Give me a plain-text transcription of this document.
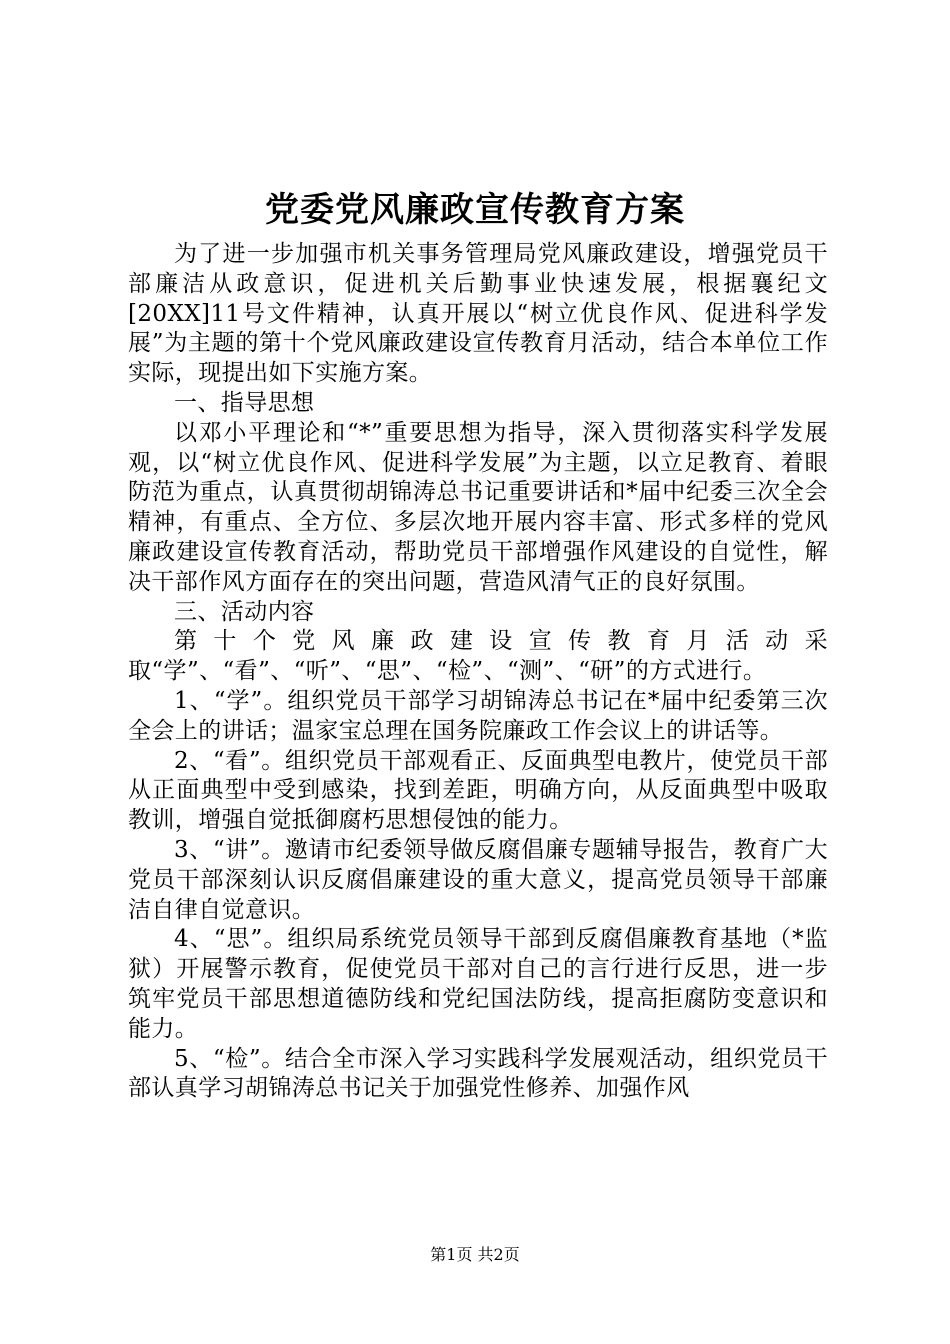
党委党风廉政宣传教育方案

为了进一步加强市机关事务管理局党风廉政建设，增强党员干部廉洁从政意识，促进机关后勤事业快速发展，根据襄纪文[20XX]11号文件精神，认真开展以“树立优良作风、促进科学发展”为主题的第十个党风廉政建设宣传教育月活动，结合本单位工作实际，现提出如下实施方案。

一、指导思想

以邓小平理论和“*”重要思想为指导，深入贯彻落实科学发展观，以“树立优良作风、促进科学发展”为主题，以立足教育、着眼防范为重点，认真贯彻胡锦涛总书记重要讲话和*届中纪委三次全会精神，有重点、全方位、多层次地开展内容丰富、形式多样的党风廉政建设宣传教育活动，帮助党员干部增强作风建设的自觉性，解决干部作风方面存在的突出问题，营造风清气正的良好氛围。

三、活动内容

第十个党风廉政建设宣传教育月活动采取“学”、“看”、“听”、“思”、“检”、“测”、“研”的方式进行。

1、“学”。组织党员干部学习胡锦涛总书记在*届中纪委第三次全会上的讲话；温家宝总理在国务院廉政工作会议上的讲话等。

2、“看”。组织党员干部观看正、反面典型电教片，使党员干部从正面典型中受到感染，找到差距，明确方向，从反面典型中吸取教训，增强自觉抵御腐朽思想侵蚀的能力。

3、“讲”。邀请市纪委领导做反腐倡廉专题辅导报告，教育广大党员干部深刻认识反腐倡廉建设的重大意义，提高党员领导干部廉洁自律自觉意识。

4、“思”。组织局系统党员领导干部到反腐倡廉教育基地（*监狱）开展警示教育，促使党员干部对自己的言行进行反思，进一步筑牢党员干部思想道德防线和党纪国法防线，提高拒腐防变意识和能力。

5、“检”。结合全市深入学习实践科学发展观活动，组织党员干部认真学习胡锦涛总书记关于加强党性修养、加强作风

第1页 共2页
